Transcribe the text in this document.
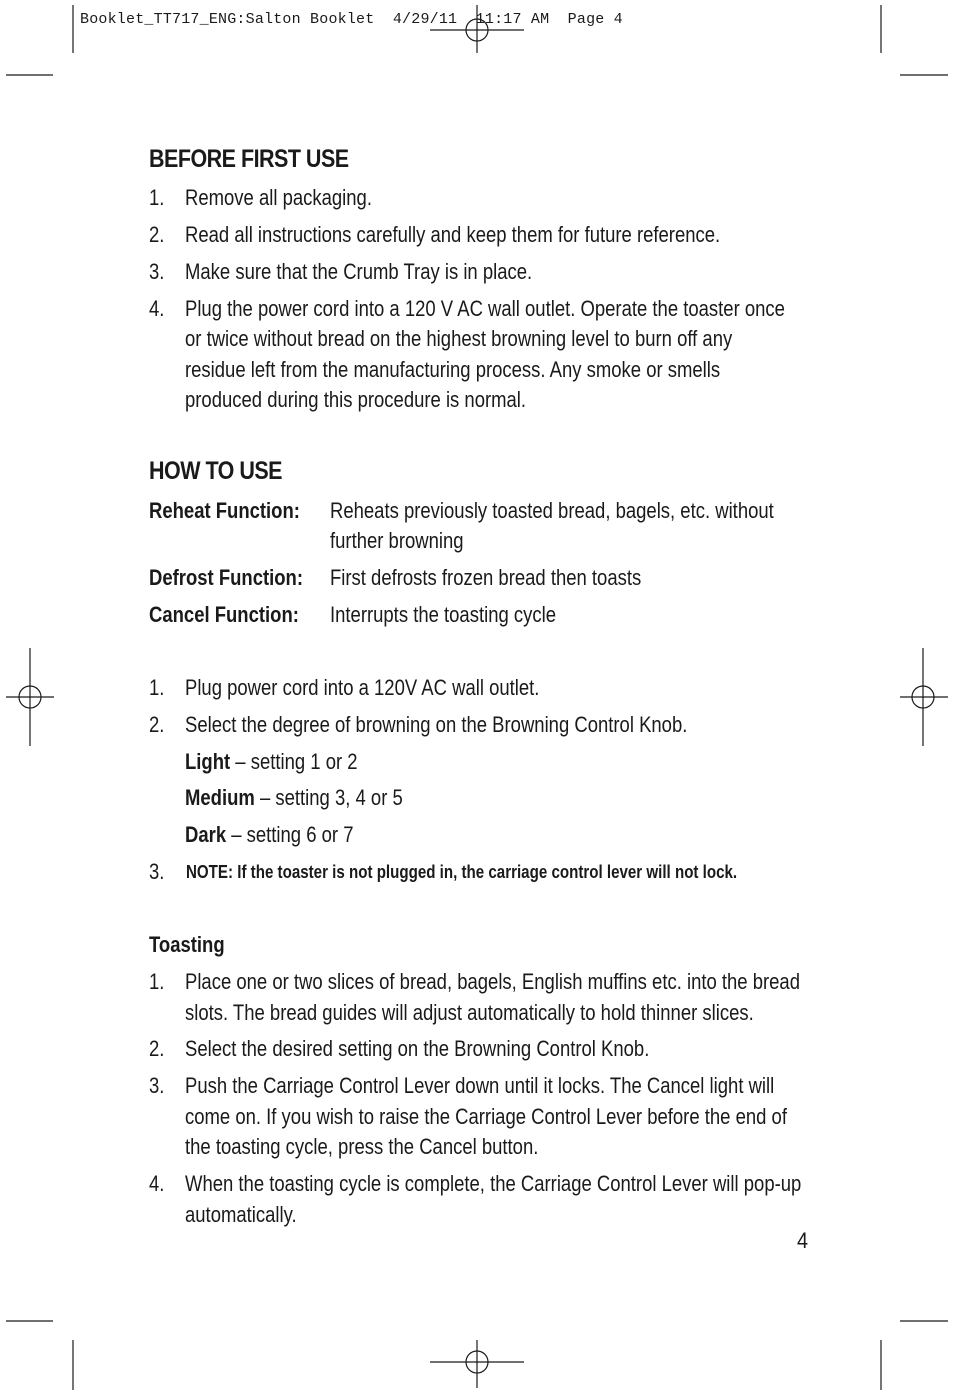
Booklet_TT717_ENG:Salton Booklet  4/29/11  11:17 AM  Page 4
BEFORE FIRST USE
1. Remove all packaging.
2. Read all instructions carefully and keep them for future reference.
3. Make sure that the Crumb Tray is in place.
4. Plug the power cord into a 120 V AC wall outlet. Operate the toaster once
or twice without bread on the highest browning level to burn off any
residue left from the manufacturing process. Any smoke or smells
produced during this procedure is normal.
HOW TO USE
Reheat Function: Reheats previously toasted bread, bagels, etc. without
further browning
Defrost Function: First defrosts frozen bread then toasts
Cancel Function: Interrupts the toasting cycle
1. Plug power cord into a 120V AC wall outlet.
2. Select the degree of browning on the Browning Control Knob.
Light – setting 1 or 2
Medium – setting 3, 4 or 5
Dark – setting 6 or 7
3. NOTE: If the toaster is not plugged in, the carriage control lever will not lock.
Toasting
1. Place one or two slices of bread, bagels, English muffins etc. into the bread
slots. The bread guides will adjust automatically to hold thinner slices.
2. Select the desired setting on the Browning Control Knob.
3. Push the Carriage Control Lever down until it locks. The Cancel light will
come on. If you wish to raise the Carriage Control Lever before the end of
the toasting cycle, press the Cancel button.
4. When the toasting cycle is complete, the Carriage Control Lever will pop-up
automatically.
4
